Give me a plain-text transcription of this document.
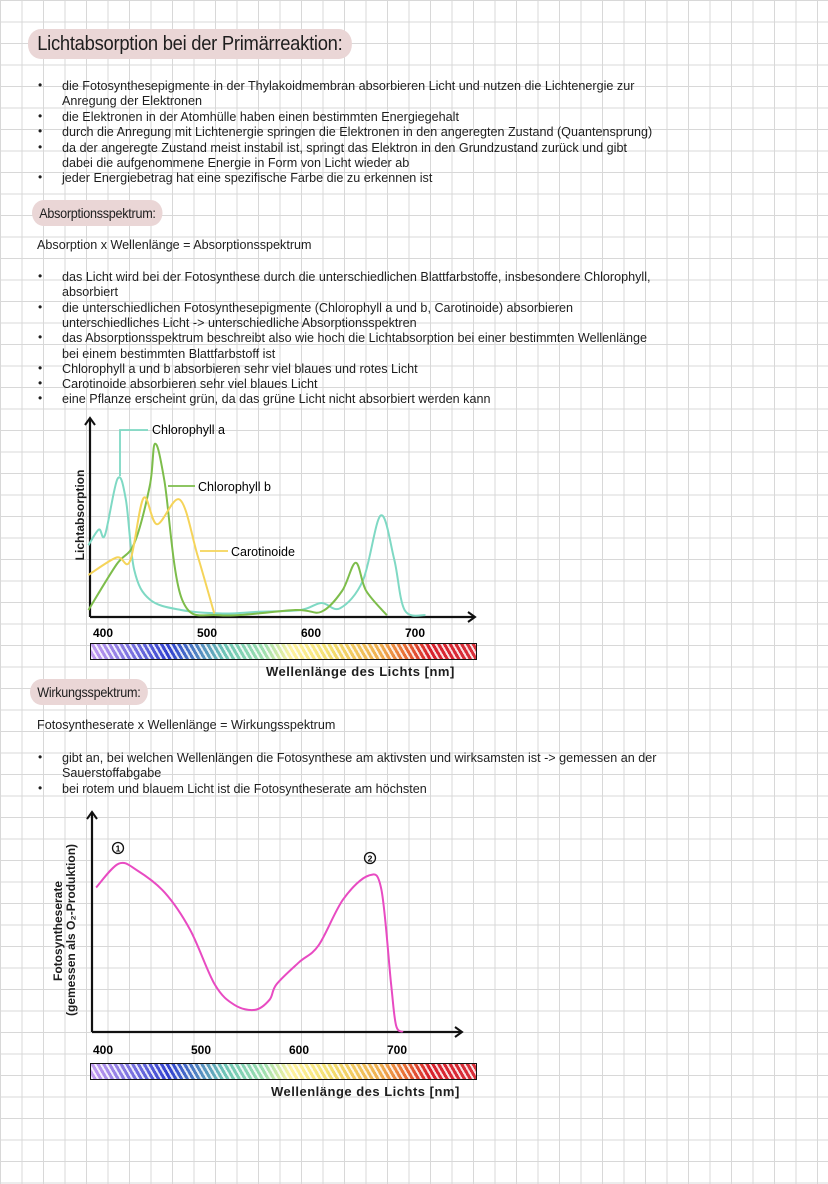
Lichtabsorption bei der Primärreaktion:
• die Fotosynthesepigmente in der Thylakoidmembran absorbieren Licht und nutzen die Lichtenergie zur
Anregung der Elektronen
• die Elektronen in der Atomhülle haben einen bestimmten Energiegehalt
• durch die Anregung mit Lichtenergie springen die Elektronen in den angeregten Zustand (Quantensprung)
• da der angeregte Zustand meist instabil ist, springt das Elektron in den Grundzustand zurück und gibt
dabei die aufgenommene Energie in Form von Licht wieder ab
• jeder Energiebetrag hat eine spezifische Farbe die zu erkennen ist
Absorptionsspektrum:
Absorption x Wellenlänge = Absorptionsspektrum
• das Licht wird bei der Fotosynthese durch die unterschiedlichen Blattfarbstoffe, insbesondere Chlorophyll,
absorbiert
• die unterschiedlichen Fotosynthesepigmente (Chlorophyll a und b, Carotinoide) absorbieren
unterschiedliches Licht -> unterschiedliche Absorptionsspektren
• das Absorptionsspektrum beschreibt also wie hoch die Lichtabsorption bei einer bestimmten Wellenlänge
bei einem bestimmten Blattfarbstoff ist
• Chlorophyll a und b absorbieren sehr viel blaues und rotes Licht
• Carotinoide absorbieren sehr viel blaues Licht
• eine Pflanze erscheint grün, da das grüne Licht nicht absorbiert werden kann
400	500	600	700
Chlorophyll a
Chlorophyll b
Carotinoide
Lichtabsorption
Wellenlänge des Lichts [nm]
Wirkungsspektrum:
Fotosyntheserate x Wellenlänge = Wirkungsspektrum
• gibt an, bei welchen Wellenlängen die Fotosynthese am aktivsten und wirksamsten ist -> gemessen an der
Sauerstoffabgabe
• bei rotem und blauem Licht ist die Fotosyntheserate am höchsten
400	500	600	700
1
2
Fotosyntheserate (gemessen als O₂-Produktion)
Wellenlänge des Lichts [nm]
